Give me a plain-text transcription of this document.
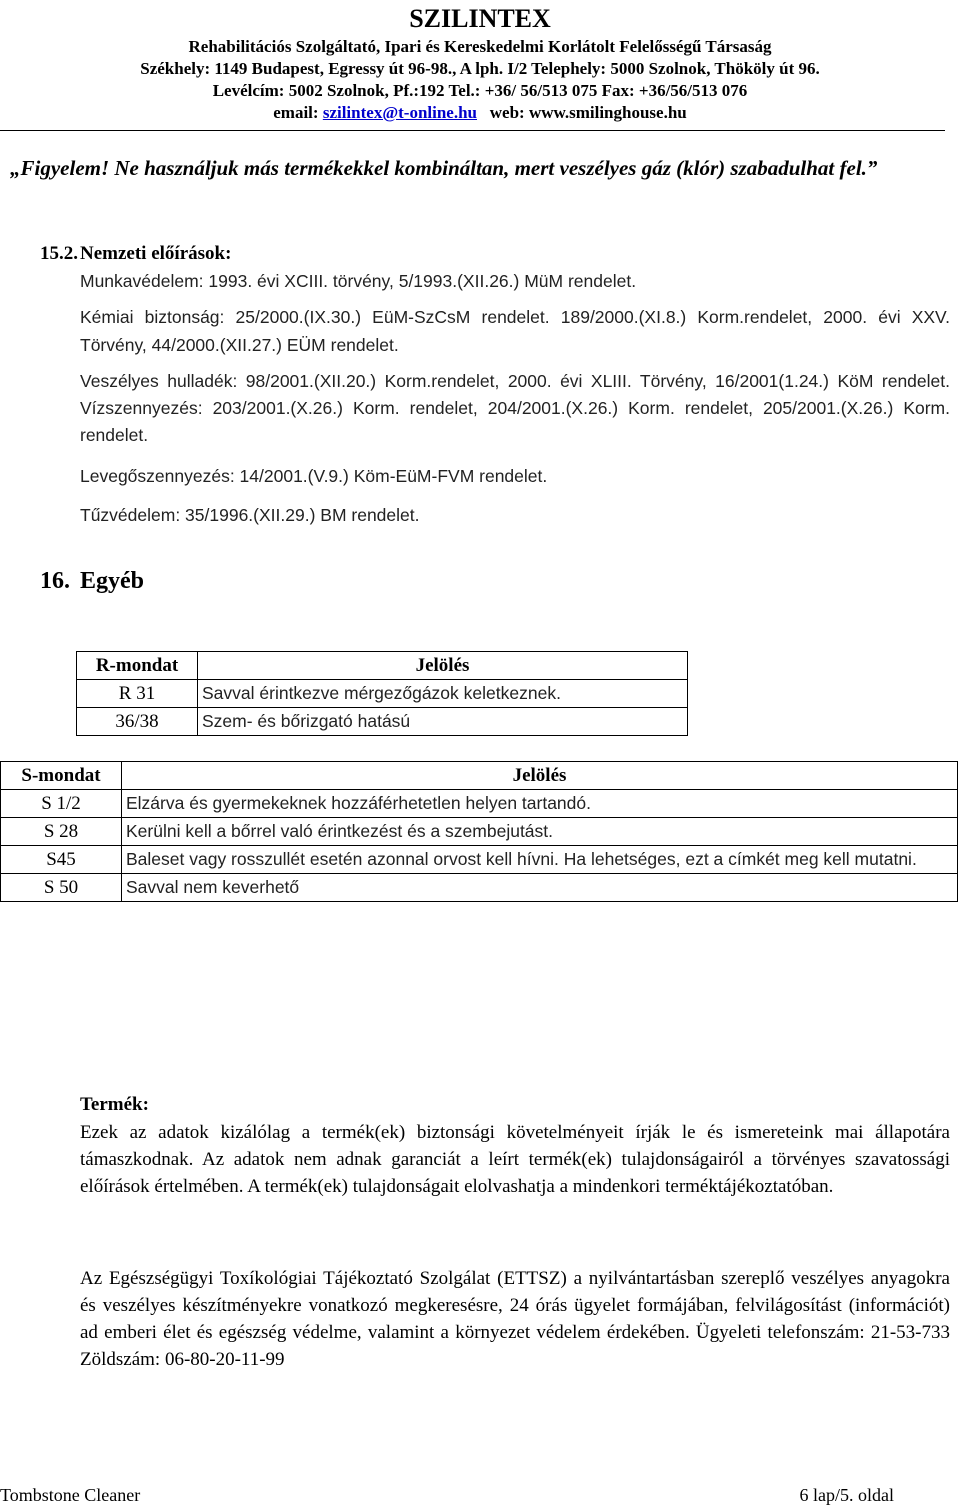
SZILINTEX
Rehabilitációs Szolgáltató, Ipari és Kereskedelmi Korlátolt Felelősségű Társaság
Székhely: 1149 Budapest, Egressy út 96-98., A lph. I/2 Telephely: 5000 Szolnok, Thököly út 96.
Levélcím: 5002 Szolnok, Pf.:192 Tel.: +36/ 56/513 075 Fax: +36/56/513 076
email: szilintex@t-online.hu web: www.smilinghouse.hu
„Figyelem! Ne használjuk más termékekkel kombináltan, mert veszélyes gáz (klór) szabadulhat fel.”
15.2. Nemzeti előírások:
Munkavédelem: 1993. évi XCIII. törvény, 5/1993.(XII.26.) MüM rendelet.
Kémiai biztonság: 25/2000.(IX.30.) EüM-SzCsM rendelet. 189/2000.(XI.8.) Korm.rendelet, 2000. évi XXV. Törvény, 44/2000.(XII.27.) EÜM rendelet.
Veszélyes hulladék: 98/2001.(XII.20.) Korm.rendelet, 2000. évi XLIII. Törvény, 16/2001(1.24.) KöM rendelet. Vízszennyezés: 203/2001.(X.26.) Korm. rendelet, 204/2001.(X.26.) Korm. rendelet, 205/2001.(X.26.) Korm. rendelet.
Levegőszennyezés: 14/2001.(V.9.) Köm-EüM-FVM rendelet.
Tűzvédelem: 35/1996.(XII.29.) BM rendelet.
16. Egyéb
R-mondat	Jelölés
R 31	Savval érintkezve mérgezőgázok keletkeznek.
36/38	Szem- és bőrizgató hatású
S-mondat	Jelölés
S 1/2	Elzárva és gyermekeknek hozzáférhetetlen helyen tartandó.
S 28	Kerülni kell a bőrrel való érintkezést és a szembejutást.
S45	Baleset vagy rosszullét esetén azonnal orvost kell hívni. Ha lehetséges, ezt a címkét meg kell mutatni.
S 50	Savval nem keverhető
Termék:
Ezek az adatok kizálólag a termék(ek) biztonsági követelményeit írják le és ismereteink mai állapotára támaszkodnak. Az adatok nem adnak garanciát a leírt termék(ek) tulajdonságairól a törvényes szavatossági előírások értelmében. A termék(ek) tulajdonságait elolvashatja a mindenkori terméktájékoztatóban.
Az Egészségügyi Toxíkológiai Tájékoztató Szolgálat (ETTSZ) a nyilvántartásban szereplő veszélyes anyagokra és veszélyes készítményekre vonatkozó megkeresésre, 24 órás ügyelet formájában, felvilágosítást (információt) ad emberi élet és egészség védelme, valamint a környezet védelem érdekében. Ügyeleti telefonszám: 21-53-733 Zöldszám: 06-80-20-11-99
Tombstone Cleaner	6 lap/5. oldal
